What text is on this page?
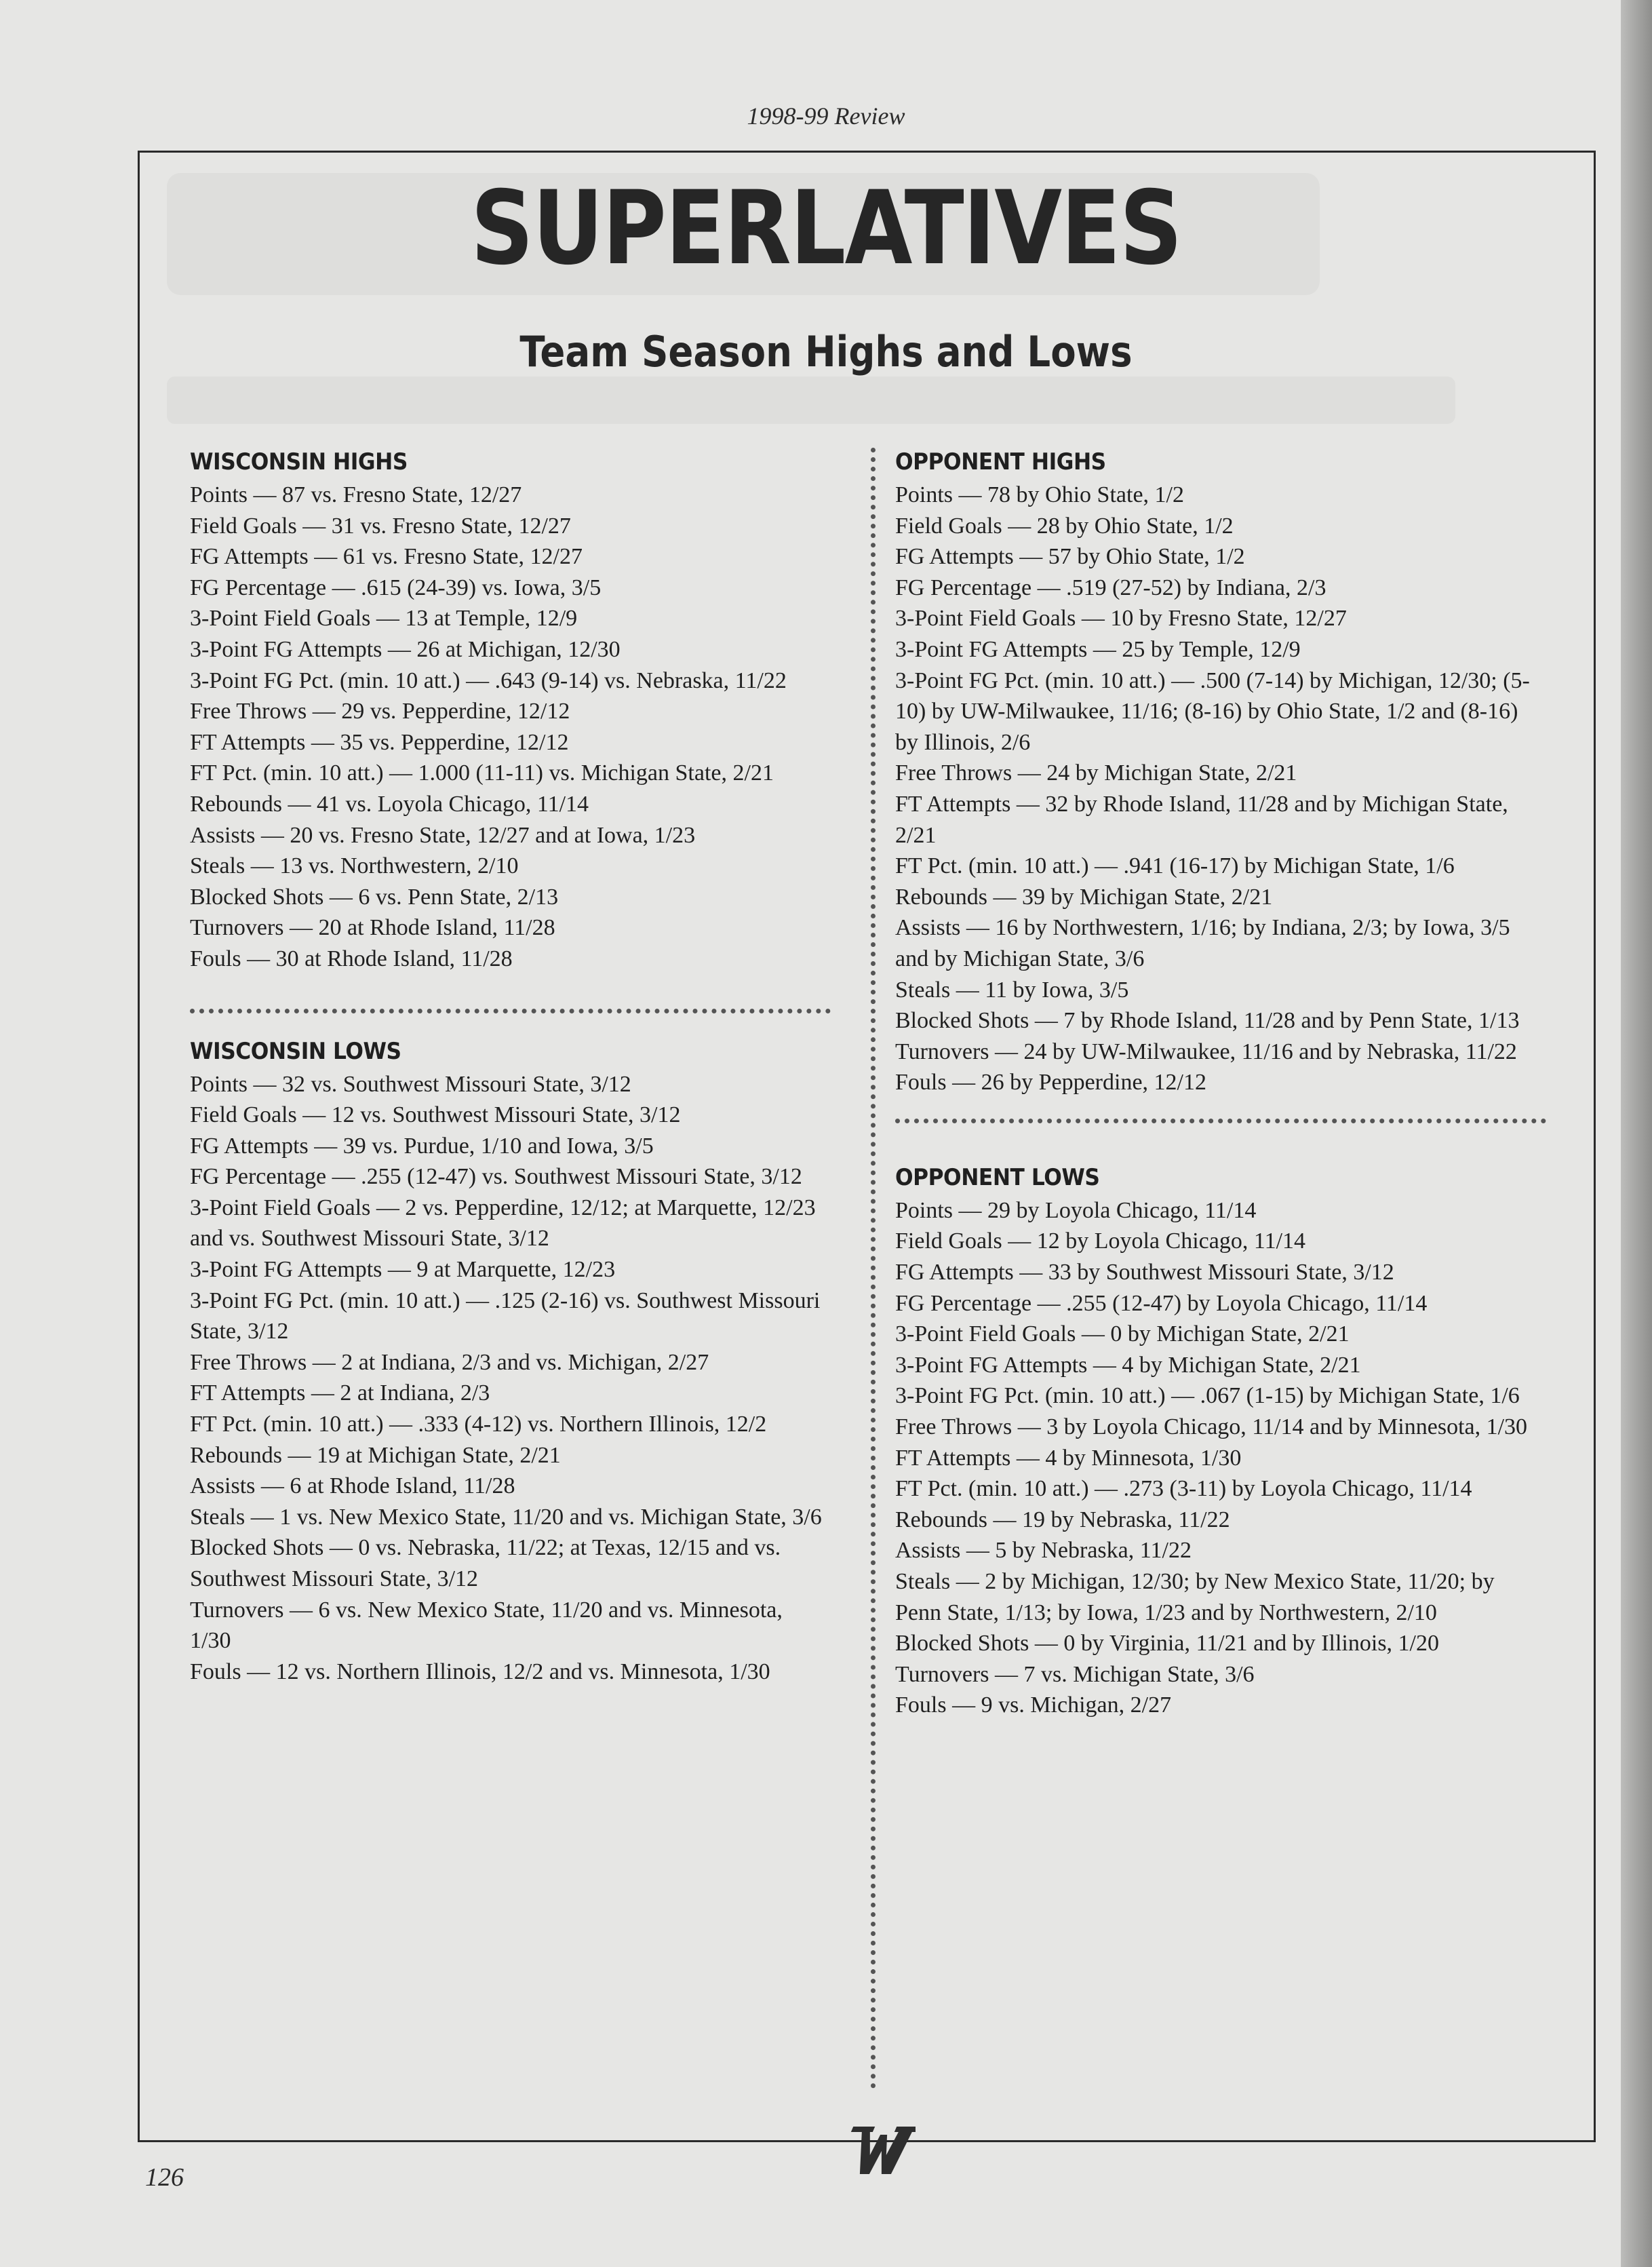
1998-99 Review
SUPERLATIVES
Team Season Highs and Lows
WISCONSIN HIGHS
Points — 87 vs. Fresno State, 12/27
Field Goals — 31 vs. Fresno State, 12/27
FG Attempts — 61 vs. Fresno State, 12/27
FG Percentage — .615 (24-39) vs. Iowa, 3/5
3-Point Field Goals — 13 at Temple, 12/9
3-Point FG Attempts — 26 at Michigan, 12/30
3-Point FG Pct. (min. 10 att.) — .643 (9-14) vs. Nebraska, 11/22
Free Throws — 29 vs. Pepperdine, 12/12
FT Attempts — 35 vs. Pepperdine, 12/12
FT Pct. (min. 10 att.) — 1.000 (11-11) vs. Michigan State, 2/21
Rebounds — 41 vs. Loyola Chicago, 11/14
Assists — 20 vs. Fresno State, 12/27 and at Iowa, 1/23
Steals — 13 vs. Northwestern, 2/10
Blocked Shots — 6 vs. Penn State, 2/13
Turnovers — 20 at Rhode Island, 11/28
Fouls — 30 at Rhode Island, 11/28
WISCONSIN LOWS
Points — 32 vs. Southwest Missouri State, 3/12
Field Goals — 12 vs. Southwest Missouri State, 3/12
FG Attempts — 39 vs. Purdue, 1/10 and Iowa, 3/5
FG Percentage — .255 (12-47) vs. Southwest Missouri State, 3/12
3-Point Field Goals — 2 vs. Pepperdine, 12/12; at Marquette, 12/23 and vs. Southwest Missouri State, 3/12
3-Point FG Attempts — 9 at Marquette, 12/23
3-Point FG Pct. (min. 10 att.) — .125 (2-16) vs. Southwest Missouri State, 3/12
Free Throws — 2 at Indiana, 2/3 and vs. Michigan, 2/27
FT Attempts — 2 at Indiana, 2/3
FT Pct. (min. 10 att.) — .333 (4-12) vs. Northern Illinois, 12/2
Rebounds — 19 at Michigan State, 2/21
Assists — 6 at Rhode Island, 11/28
Steals — 1 vs. New Mexico State, 11/20 and vs. Michigan State, 3/6
Blocked Shots — 0 vs. Nebraska, 11/22; at Texas, 12/15 and vs. Southwest Missouri State, 3/12
Turnovers — 6 vs. New Mexico State, 11/20 and vs. Minnesota, 1/30
Fouls — 12 vs. Northern Illinois, 12/2 and vs. Minnesota, 1/30
OPPONENT HIGHS
Points — 78 by Ohio State, 1/2
Field Goals — 28 by Ohio State, 1/2
FG Attempts — 57 by Ohio State, 1/2
FG Percentage — .519 (27-52) by Indiana, 2/3
3-Point Field Goals — 10 by Fresno State, 12/27
3-Point FG Attempts — 25 by Temple, 12/9
3-Point FG Pct. (min. 10 att.) — .500 (7-14) by Michigan, 12/30; (5-10) by UW-Milwaukee, 11/16; (8-16) by Ohio State, 1/2 and (8-16) by Illinois, 2/6
Free Throws — 24 by Michigan State, 2/21
FT Attempts — 32 by Rhode Island, 11/28 and by Michigan State, 2/21
FT Pct. (min. 10 att.) — .941 (16-17) by Michigan State, 1/6
Rebounds — 39 by Michigan State, 2/21
Assists — 16 by Northwestern, 1/16; by Indiana, 2/3; by Iowa, 3/5 and by Michigan State, 3/6
Steals — 11 by Iowa, 3/5
Blocked Shots — 7 by Rhode Island, 11/28 and by Penn State, 1/13
Turnovers — 24 by UW-Milwaukee, 11/16 and by Nebraska, 11/22
Fouls — 26 by Pepperdine, 12/12
OPPONENT LOWS
Points — 29 by Loyola Chicago, 11/14
Field Goals — 12 by Loyola Chicago, 11/14
FG Attempts — 33 by Southwest Missouri State, 3/12
FG Percentage — .255 (12-47) by Loyola Chicago, 11/14
3-Point Field Goals — 0 by Michigan State, 2/21
3-Point FG Attempts — 4 by Michigan State, 2/21
3-Point FG Pct. (min. 10 att.) — .067 (1-15) by Michigan State, 1/6
Free Throws — 3 by Loyola Chicago, 11/14 and by Minnesota, 1/30
FT Attempts — 4 by Minnesota, 1/30
FT Pct. (min. 10 att.) — .273 (3-11) by Loyola Chicago, 11/14
Rebounds — 19 by Nebraska, 11/22
Assists — 5 by Nebraska, 11/22
Steals — 2 by Michigan, 12/30; by New Mexico State, 11/20; by Penn State, 1/13; by Iowa, 1/23 and by Northwestern, 2/10
Blocked Shots — 0 by Virginia, 11/21 and by Illinois, 1/20
Turnovers — 7 vs. Michigan State, 3/6
Fouls — 9 vs. Michigan, 2/27
126
